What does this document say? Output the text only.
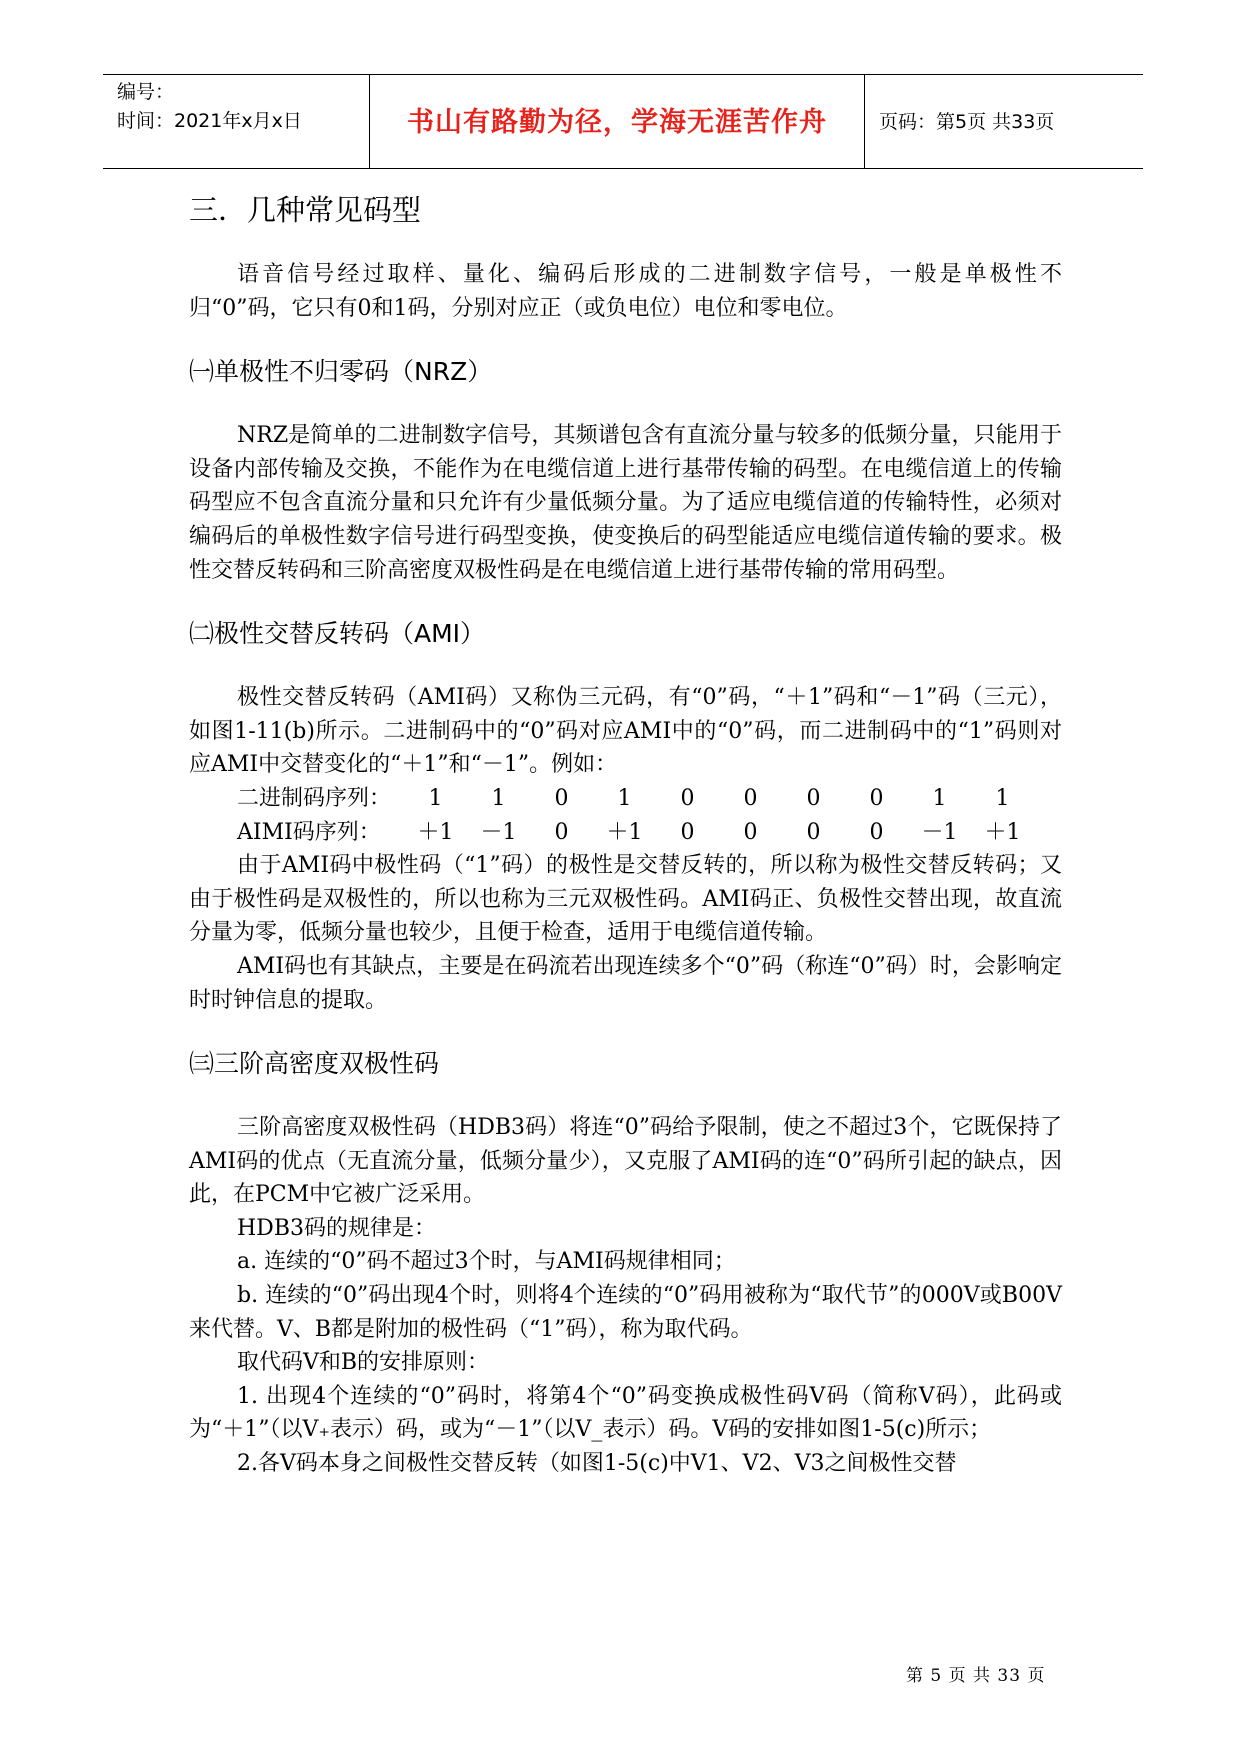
编号：
时间：2021年x月x日	书山有路勤为径，学海无涯苦作舟	页码：第5页 共33页
三．几种常见码型

语音信号经过取样、量化、编码后形成的二进制数字信号，一般是单极性不归“0”码，它只有0和1码，分别对应正（或负电位）电位和零电位。

㈠单极性不归零码（NRZ）

NRZ是简单的二进制数字信号，其频谱包含有直流分量与较多的低频分量，只能用于设备内部传输及交换，不能作为在电缆信道上进行基带传输的码型。在电缆信道上的传输码型应不包含直流分量和只允许有少量低频分量。为了适应电缆信道的传输特性，必须对编码后的单极性数字信号进行码型变换，使变换后的码型能适应电缆信道传输的要求。极性交替反转码和三阶高密度双极性码是在电缆信道上进行基带传输的常用码型。

㈡极性交替反转码（AMI）

极性交替反转码（AMI码）又称伪三元码，有“0”码，“＋1”码和“－1”码（三元），如图1-11(b)所示。二进制码中的“0”码对应AMI中的“0”码，而二进制码中的“1”码则对应AMI中交替变化的“＋1”和“－1”。例如：

二进制码序列：	1	1	0	1	0	0	0	0	1	1
AIMI码序列：	＋1	－1	0	＋1	0	0	0	0	－1	＋1

由于AMI码中极性码（“1”码）的极性是交替反转的，所以称为极性交替反转码；又由于极性码是双极性的，所以也称为三元双极性码。AMI码正、负极性交替出现，故直流分量为零，低频分量也较少，且便于检查，适用于电缆信道传输。

AMI码也有其缺点，主要是在码流若出现连续多个“0”码（称连“0”码）时，会影响定时时钟信息的提取。

㈢三阶高密度双极性码

三阶高密度双极性码（HDB3码）将连“0”码给予限制，使之不超过3个，它既保持了AMI码的优点（无直流分量，低频分量少），又克服了AMI码的连“0”码所引起的缺点，因此，在PCM中它被广泛采用。

HDB3码的规律是：

a. 连续的“0”码不超过3个时，与AMI码规律相同；

b. 连续的“0”码出现4个时，则将4个连续的“0”码用被称为“取代节”的000V或B00V来代替。V、B都是附加的极性码（“1”码），称为取代码。

取代码V和B的安排原则：

1. 出现4个连续的“0”码时，将第4个“0”码变换成极性码V码（简称V码），此码或为“＋1”（以V₊表示）码，或为“－1”（以V_表示）码。V码的安排如图1-5(c)所示；

2.各V码本身之间极性交替反转（如图1-5(c)中V1、V2、V3之间极性交替

第 5 页 共 33 页
